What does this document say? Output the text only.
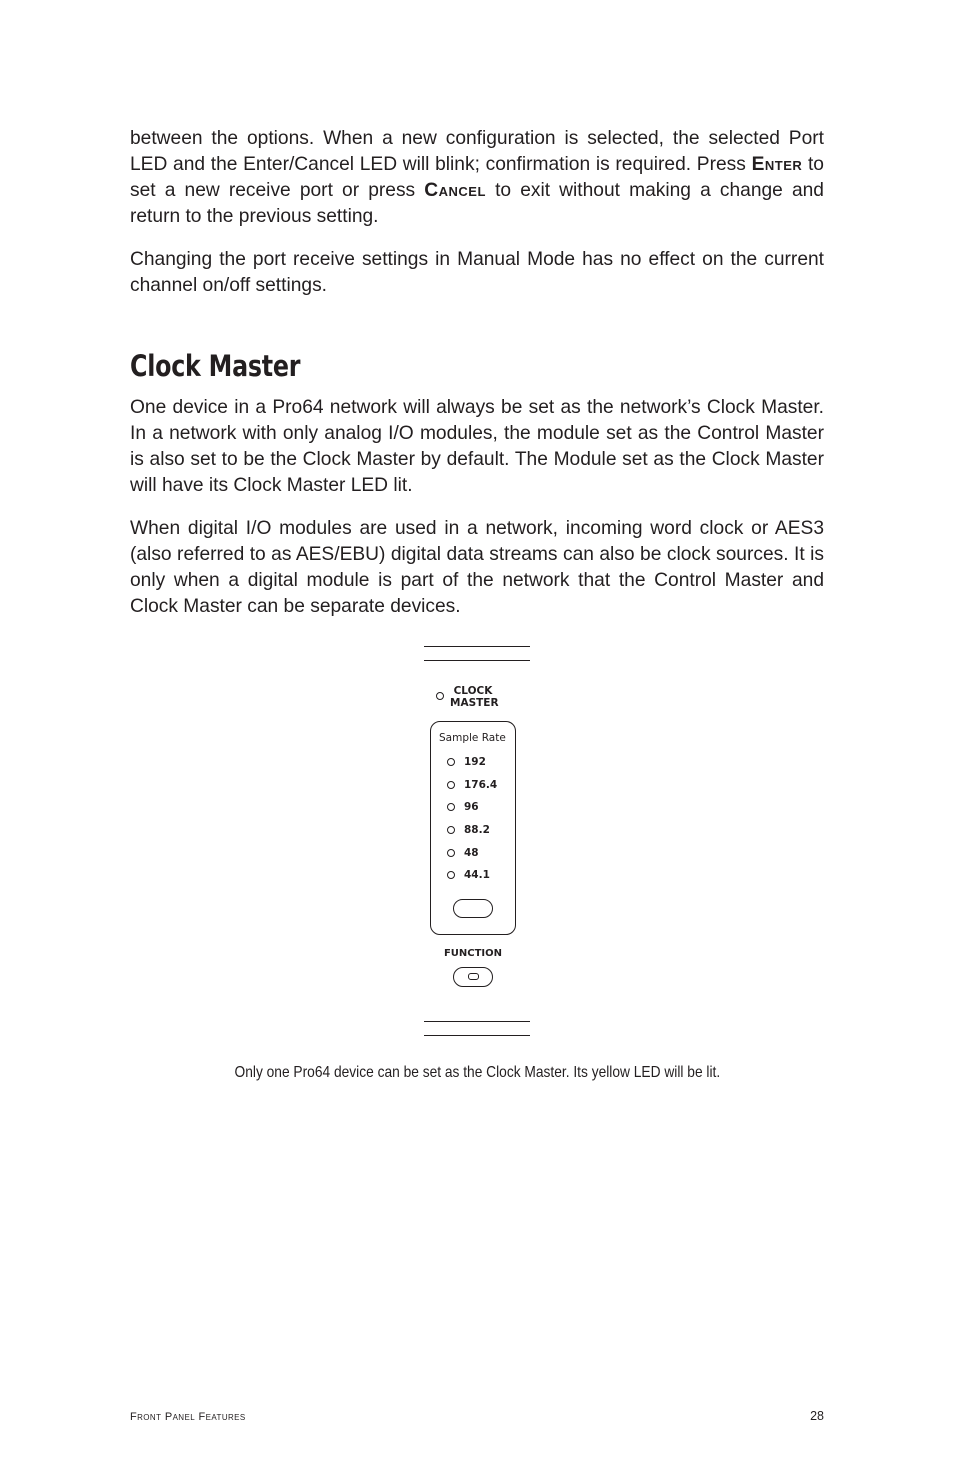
between the options. When a new configuration is selected, the selected Port LED and the Enter/Cancel LED will blink; confirmation is required. Press Enter to set a new receive port or press Cancel to exit without making a change and return to the previous setting.

Changing the port receive settings in Manual Mode has no effect on the current channel on/off settings.

Clock Master

One device in a Pro64 network will always be set as the network’s Clock Master. In a network with only analog I/O modules, the module set as the Control Master is also set to be the Clock Master by default. The Module set as the Clock Master will have its Clock Master LED lit.

When digital I/O modules are used in a network, incoming word clock or AES3 (also referred to as AES/EBU) digital data streams can also be clock sources. It is only when a digital module is part of the network that the Control Master and Clock Master can be separate devices.

CLOCK
MASTER
Sample Rate
192
176.4
96
88.2
48
44.1
FUNCTION

Only one Pro64 device can be set as the Clock Master. Its yellow LED will be lit.

Front Panel Features	28
